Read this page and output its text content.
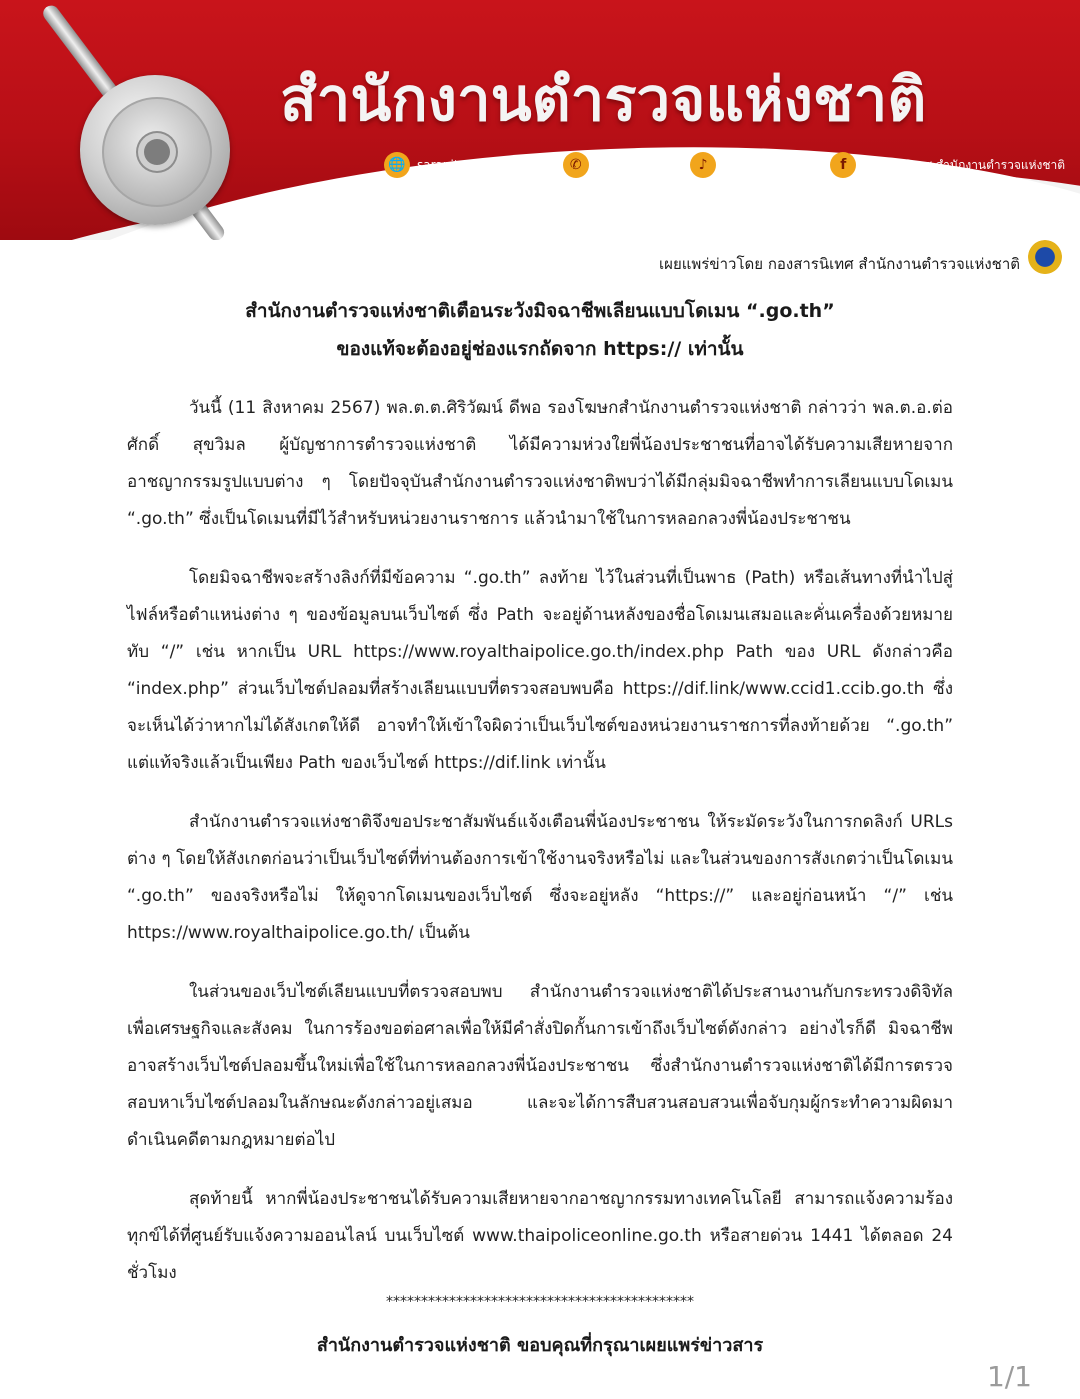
สำนักงานตำรวจแห่งชาติ
🌐 saranitet.police.go.th	✆	02 252 9887	♪	saranitetpolice	f	กองสารนิเทศ สำนักงานตำรวจแห่งชาติ
เผยแพร่ข่าวโดย กองสารนิเทศ สำนักงานตำรวจแห่งชาติ
สำนักงานตำรวจแห่งชาติเตือนระวังมิจฉาชีพเลียนแบบโดเมน “.go.th”
ของแท้จะต้องอยู่ช่องแรกถัดจาก https:// เท่านั้น

วันนี้ (11 สิงหาคม 2567) พล.ต.ต.ศิริวัฒน์ ดีพอ รองโฆษกสำนักงานตำรวจแห่งชาติ กล่าวว่า พล.ต.อ.ต่อศักดิ์ สุขวิมล ผู้บัญชาการตำรวจแห่งชาติ ได้มีความห่วงใยพี่น้องประชาชนที่อาจได้รับความเสียหายจากอาชญากรรมรูปแบบต่าง ๆ โดยปัจจุบันสำนักงานตำรวจแห่งชาติพบว่าได้มีกลุ่มมิจฉาชีพทำการเลียนแบบโดเมน “.go.th” ซึ่งเป็นโดเมนที่มีไว้สำหรับหน่วยงานราชการ แล้วนำมาใช้ในการหลอกลวงพี่น้องประชาชน

โดยมิจฉาชีพจะสร้างลิงก์ที่มีข้อความ “.go.th” ลงท้าย ไว้ในส่วนที่เป็นพาธ (Path) หรือเส้นทางที่นำไปสู่ไฟล์หรือตำแหน่งต่าง ๆ ของข้อมูลบนเว็บไซต์ ซึ่ง Path จะอยู่ด้านหลังของชื่อโดเมนเสมอและคั่นเครื่องด้วยหมายทับ “/” เช่น หากเป็น URL https://www.royalthaipolice.go.th/index.php Path ของ URL ดังกล่าวคือ “index.php” ส่วนเว็บไซต์ปลอมที่สร้างเลียนแบบที่ตรวจสอบพบคือ https://dif.link/www.ccid1.ccib.go.th ซึ่งจะเห็นได้ว่าหากไม่ได้สังเกตให้ดี อาจทำให้เข้าใจผิดว่าเป็นเว็บไซต์ของหน่วยงานราชการที่ลงท้ายด้วย “.go.th” แต่แท้จริงแล้วเป็นเพียง Path ของเว็บไซต์ https://dif.link เท่านั้น

สำนักงานตำรวจแห่งชาติจึงขอประชาสัมพันธ์แจ้งเตือนพี่น้องประชาชน ให้ระมัดระวังในการกดลิงก์ URLs ต่าง ๆ โดยให้สังเกตก่อนว่าเป็นเว็บไซต์ที่ท่านต้องการเข้าใช้งานจริงหรือไม่ และในส่วนของการสังเกตว่าเป็นโดเมน “.go.th” ของจริงหรือไม่ ให้ดูจากโดเมนของเว็บไซต์ ซึ่งจะอยู่หลัง “https://” และอยู่ก่อนหน้า “/” เช่น https://www.royalthaipolice.go.th/ เป็นต้น

ในส่วนของเว็บไซต์เลียนแบบที่ตรวจสอบพบ สำนักงานตำรวจแห่งชาติได้ประสานงานกับกระทรวงดิจิทัลเพื่อเศรษฐกิจและสังคม ในการร้องขอต่อศาลเพื่อให้มีคำสั่งปิดกั้นการเข้าถึงเว็บไซต์ดังกล่าว อย่างไรก็ดี มิจฉาชีพอาจสร้างเว็บไซต์ปลอมขึ้นใหม่เพื่อใช้ในการหลอกลวงพี่น้องประชาชน ซึ่งสำนักงานตำรวจแห่งชาติได้มีการตรวจสอบหาเว็บไซต์ปลอมในลักษณะดังกล่าวอยู่เสมอ และจะได้การสืบสวนสอบสวนเพื่อจับกุมผู้กระทำความผิดมาดำเนินคดีตามกฎหมายต่อไป

สุดท้ายนี้ หากพี่น้องประชาชนได้รับความเสียหายจากอาชญากรรมทางเทคโนโลยี สามารถแจ้งความร้องทุกข์ได้ที่ศูนย์รับแจ้งความออนไลน์ บนเว็บไซต์ www.thaipoliceonline.go.th หรือสายด่วน 1441 ได้ตลอด 24 ชั่วโมง

********************************************
สำนักงานตำรวจแห่งชาติ ขอบคุณที่กรุณาเผยแพร่ข่าวสาร
1/1
